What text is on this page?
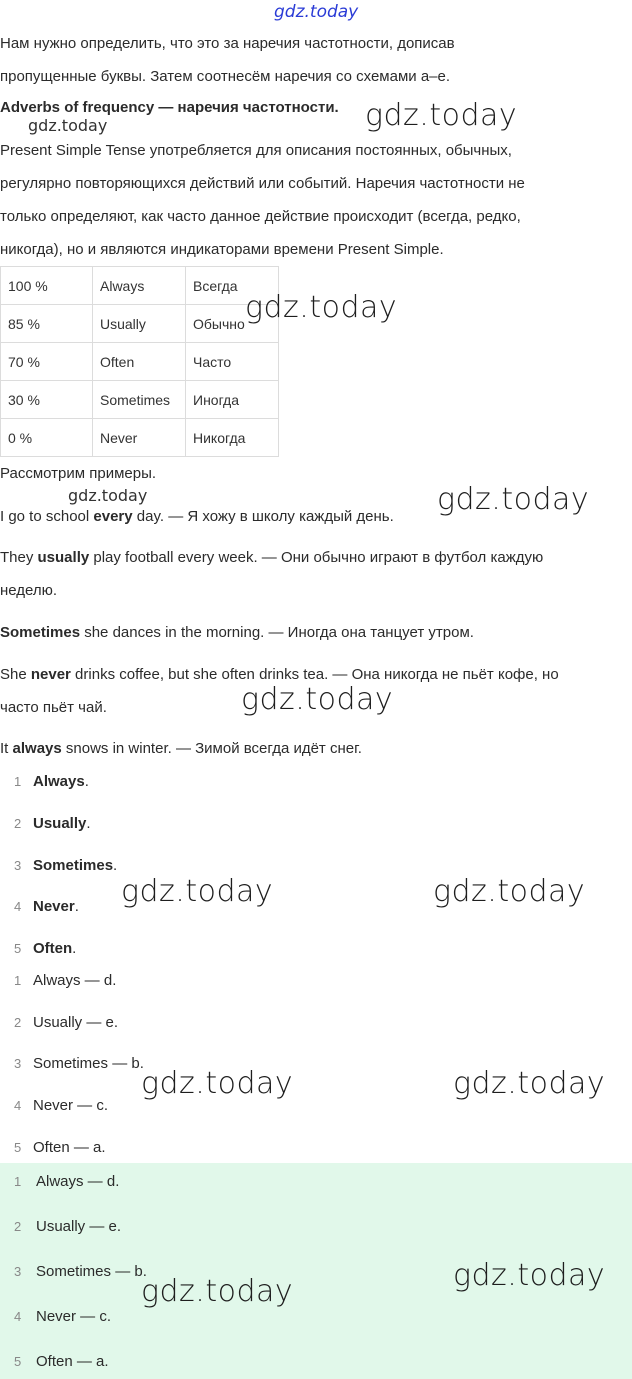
gdz.today
Нам нужно определить, что это за наречия частотности, дописав
пропущенные буквы. Затем соотнесём наречия со схемами а–е.
Adverbs of frequency — наречия частотности. gdz.today
gdz.today
Present Simple Tense употребляется для описания постоянных, обычных,
регулярно повторяющихся действий или событий. Наречия частотности не
только определяют, как часто данное действие происходит (всегда, редко,
никогда), но и являются индикаторами времени Present Simple.
100 %	Always	Всегда
85 %	Usually	Обычно
70 %	Often	Часто
30 %	Sometimes	Иногда
0 %	Never	Никогда
gdz.today
Рассмотрим примеры.
gdz.today	gdz.today
I go to school every day. — Я хожу в школу каждый день.
They usually play football every week. — Они обычно играют в футбол каждую
неделю.
Sometimes she dances in the morning. — Иногда она танцует утром.
She never drinks coffee, but she often drinks tea. — Она никогда не пьёт кофе, но
часто пьёт чай.	gdz.today
It always snows in winter. — Зимой всегда идёт снег.
1 Always.
2 Usually.
3 Sometimes.
4 Never.
5 Often.
gdz.today	gdz.today
1 Always — d.
2 Usually — e.
3 Sometimes — b.
4 Never — c.
5 Often — a.
gdz.today	gdz.today
1 Always — d.
2 Usually — e.
3 Sometimes — b.
4 Never — c.
5 Often — a.
gdz.today
gdz.today
